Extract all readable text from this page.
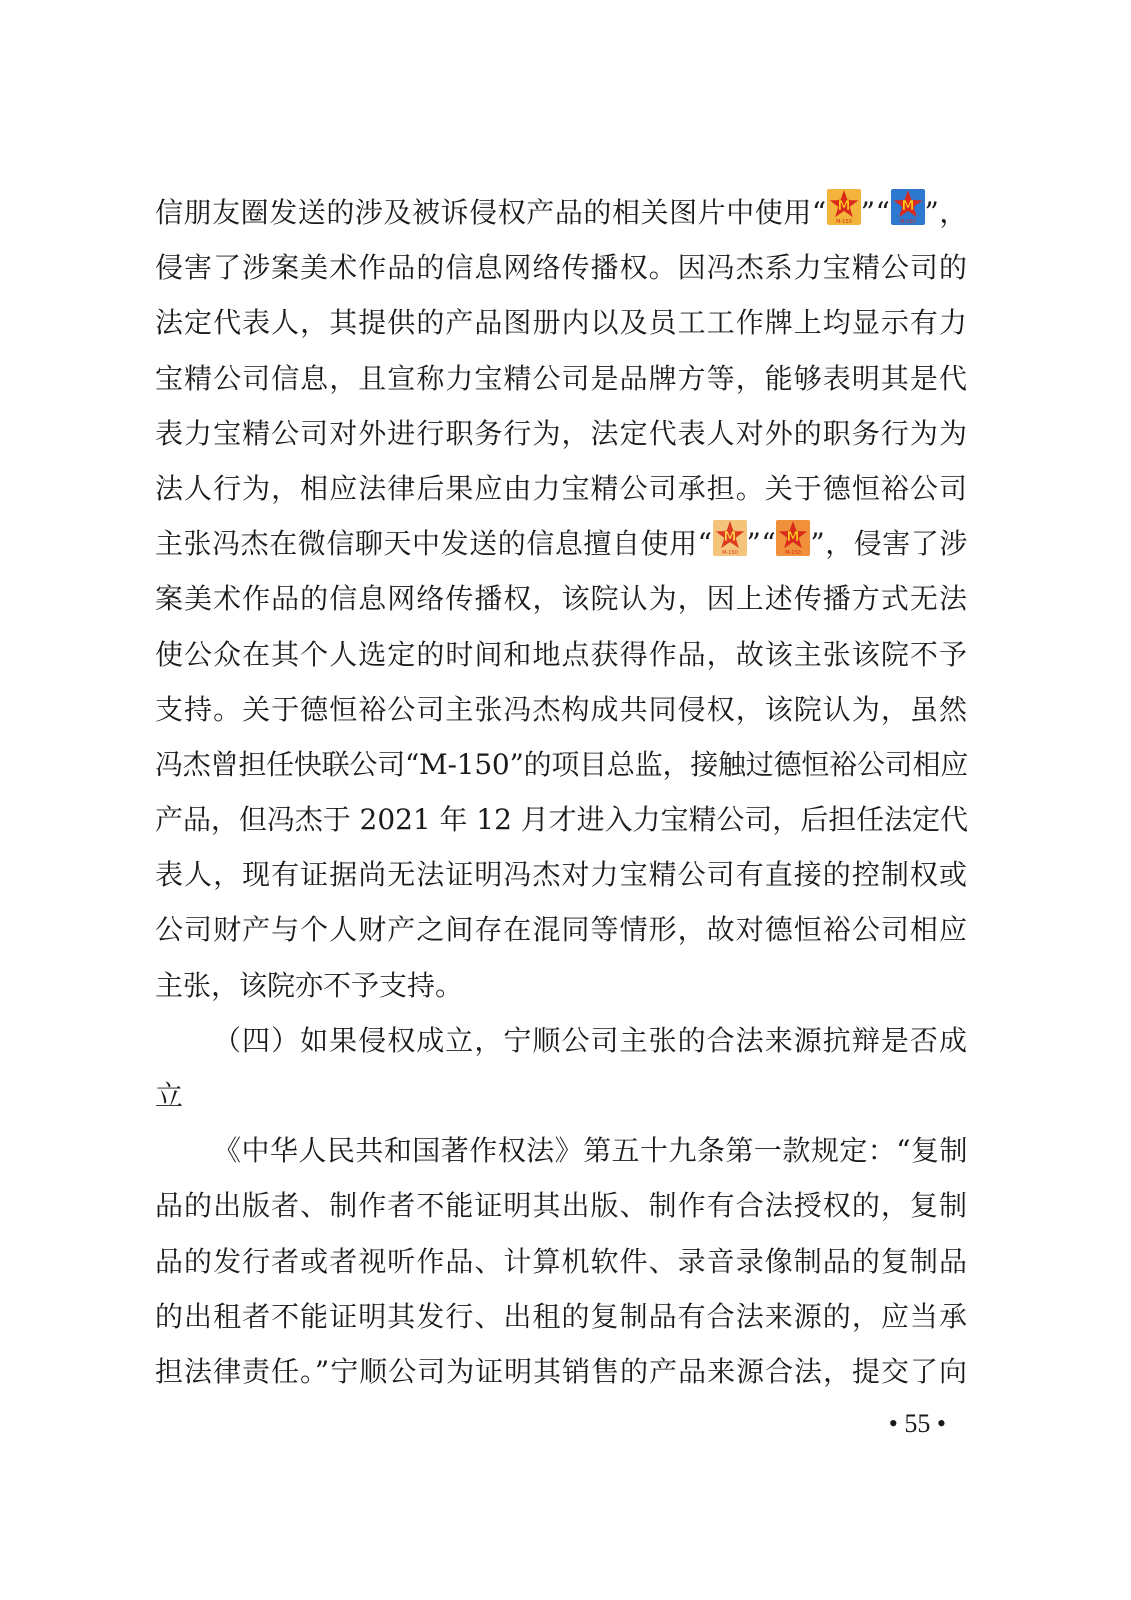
信朋友圈发送的涉及被诉侵权产品的相关图片中使用“ M
M-150 ”“ M
M-150 ”，
侵害了涉案美术作品的信息网络传播权。因冯杰系力宝精公司的
法定代表人，其提供的产品图册内以及员工工作牌上均显示有力
宝精公司信息，且宣称力宝精公司是品牌方等，能够表明其是代
表力宝精公司对外进行职务行为，法定代表人对外的职务行为为
法人行为，相应法律后果应由力宝精公司承担。关于德恒裕公司
主张冯杰在微信聊天中发送的信息擅自使用“ M
M-150 ”“ M
M-150 ”，侵害了涉
案美术作品的信息网络传播权，该院认为，因上述传播方式无法
使公众在其个人选定的时间和地点获得作品，故该主张该院不予
支持。关于德恒裕公司主张冯杰构成共同侵权，该院认为，虽然
冯杰曾担任快联公司“M-150”的项目总监，接触过德恒裕公司相应
产品，但冯杰于 2021 年 12 月才进入力宝精公司，后担任法定代
表人，现有证据尚无法证明冯杰对力宝精公司有直接的控制权或
公司财产与个人财产之间存在混同等情形，故对德恒裕公司相应
主张，该院亦不予支持。
（四）如果侵权成立，宁顺公司主张的合法来源抗辩是否成
立
《中华人民共和国著作权法》第五十九条第一款规定：“复制
品的出版者、制作者不能证明其出版、制作有合法授权的，复制
品的发行者或者视听作品、计算机软件、录音录像制品的复制品
的出租者不能证明其发行、出租的复制品有合法来源的，应当承
担法律责任。”宁顺公司为证明其销售的产品来源合法，提交了向
• 55 •
